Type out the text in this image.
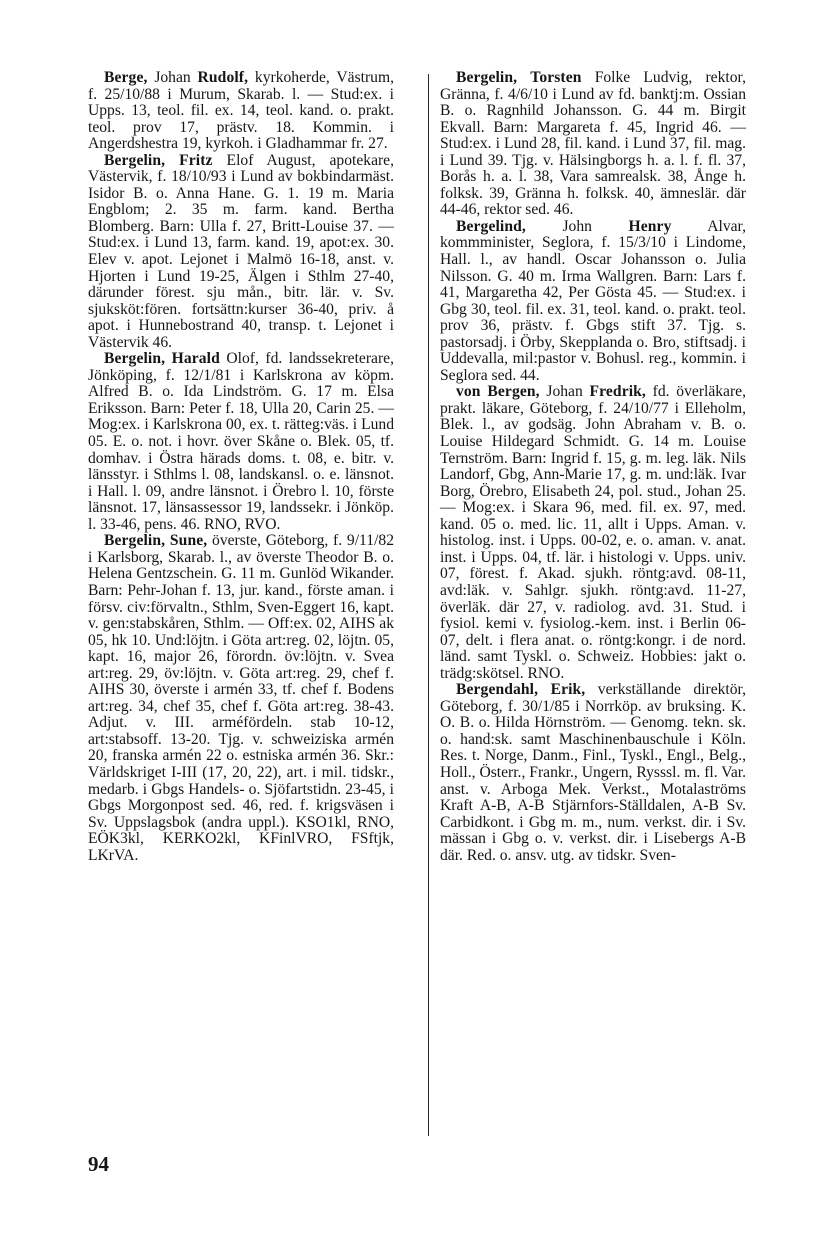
Berge, Johan Rudolf, kyrkoherde, Västrum, f. 25/10/88 i Murum, Skarab. l. — Stud:ex. i Upps. 13, teol. fil. ex. 14, teol. kand. o. prakt. teol. prov 17, prästv. 18. Kommin. i Angerdshestra 19, kyrkoh. i Gladhammar fr. 27.

Bergelin, Fritz Elof August, apotekare, Västervik, f. 18/10/93 i Lund av bokbindarmäst. Isidor B. o. Anna Hane. G. 1. 19 m. Maria Engblom; 2. 35 m. farm. kand. Bertha Blomberg. Barn: Ulla f. 27, Britt-Louise 37. — Stud:ex. i Lund 13, farm. kand. 19, apot:ex. 30. Elev v. apot. Lejonet i Malmö 16-18, anst. v. Hjorten i Lund 19-25, Älgen i Sthlm 27-40, därunder förest. sju mån., bitr. lär. v. Sv. sjuksköt:fören. fortsättn:kurser 36-40, priv. å apot. i Hunnebostrand 40, transp. t. Lejonet i Västervik 46.

Bergelin, Harald Olof, fd. landssekreterare, Jönköping, f. 12/1/81 i Karlskrona av köpm. Alfred B. o. Ida Lindström. G. 17 m. Elsa Eriksson. Barn: Peter f. 18, Ulla 20, Carin 25. — Mog:ex. i Karlskrona 00, ex. t. rätteg:väs. i Lund 05. E. o. not. i hovr. över Skåne o. Blek. 05, tf. domhav. i Östra härads doms. t. 08, e. bitr. v. länsstyr. i Sthlms l. 08, landskansl. o. e. länsnot. i Hall. l. 09, andre länsnot. i Örebro l. 10, förste länsnot. 17, länsassessor 19, landssekr. i Jönköp. l. 33-46, pens. 46. RNO, RVO.

Bergelin, Sune, överste, Göteborg, f. 9/11/82 i Karlsborg, Skarab. l., av överste Theodor B. o. Helena Gentzschein. G. 11 m. Gunlöd Wikander. Barn: Pehr-Johan f. 13, jur. kand., förste aman. i försv. civ:förvaltn., Sthlm, Sven-Eggert 16, kapt. v. gen:stabskåren, Sthlm. — Off:ex. 02, AIHS ak 05, hk 10. Und:löjtn. i Göta art:reg. 02, löjtn. 05, kapt. 16, major 26, förordn. öv:löjtn. v. Svea art:reg. 29, öv:löjtn. v. Göta art:reg. 29, chef f. AIHS 30, överste i armén 33, tf. chef f. Bodens art:reg. 34, chef 35, chef f. Göta art:reg. 38-43. Adjut. v. III. arméfördeln. stab 10-12, art:stabsoff. 13-20. Tjg. v. schweiziska armén 20, franska armén 22 o. estniska armén 36. Skr.: Världskriget I-III (17, 20, 22), art. i mil. tidskr., medarb. i Gbgs Handels- o. Sjöfartstidn. 23-45, i Gbgs Morgonpost sed. 46, red. f. krigsväsen i Sv. Uppslagsbok (andra uppl.). KSO1kl, RNO, EÖK3kl, KERKO2kl, KFinlVRO, FSftjk, LKrVA.

Bergelin, Torsten Folke Ludvig, rektor, Gränna, f. 4/6/10 i Lund av fd. banktj:m. Ossian B. o. Ragnhild Johansson. G. 44 m. Birgit Ekvall. Barn: Margareta f. 45, Ingrid 46. — Stud:ex. i Lund 28, fil. kand. i Lund 37, fil. mag. i Lund 39. Tjg. v. Hälsingborgs h. a. l. f. fl. 37, Borås h. a. l. 38, Vara samrealsk. 38, Ånge h. folksk. 39, Gränna h. folksk. 40, ämneslär. där 44-46, rektor sed. 46.

Bergelind, John Henry Alvar, kommminister, Seglora, f. 15/3/10 i Lindome, Hall. l., av handl. Oscar Johansson o. Julia Nilsson. G. 40 m. Irma Wallgren. Barn: Lars f. 41, Margaretha 42, Per Gösta 45. — Stud:ex. i Gbg 30, teol. fil. ex. 31, teol. kand. o. prakt. teol. prov 36, prästv. f. Gbgs stift 37. Tjg. s. pastorsadj. i Örby, Skepplanda o. Bro, stiftsadj. i Uddevalla, mil:pastor v. Bohusl. reg., kommin. i Seglora sed. 44.

von Bergen, Johan Fredrik, fd. överläkare, prakt. läkare, Göteborg, f. 24/10/77 i Elleholm, Blek. l., av godsäg. John Abraham v. B. o. Louise Hildegard Schmidt. G. 14 m. Louise Ternström. Barn: Ingrid f. 15, g. m. leg. läk. Nils Landorf, Gbg, Ann-Marie 17, g. m. und:läk. Ivar Borg, Örebro, Elisabeth 24, pol. stud., Johan 25. — Mog:ex. i Skara 96, med. fil. ex. 97, med. kand. 05 o. med. lic. 11, allt i Upps. Aman. v. histolog. inst. i Upps. 00-02, e. o. aman. v. anat. inst. i Upps. 04, tf. lär. i histologi v. Upps. univ. 07, förest. f. Akad. sjukh. röntg:avd. 08-11, avd:läk. v. Sahlgr. sjukh. röntg:avd. 11-27, överläk. där 27, v. radiolog. avd. 31. Stud. i fysiol. kemi v. fysiolog.-kem. inst. i Berlin 06-07, delt. i flera anat. o. röntg:kongr. i de nord. länd. samt Tyskl. o. Schweiz. Hobbies: jakt o. trädg:skötsel. RNO.

Bergendahl, Erik, verkställande direktör, Göteborg, f. 30/1/85 i Norrköp. av bruksing. K. O. B. o. Hilda Hörnström. — Genomg. tekn. sk. o. hand:sk. samt Maschinenbauschule i Köln. Res. t. Norge, Danm., Finl., Tyskl., Engl., Belg., Holl., Österr., Frankr., Ungern, Rysssl. m. fl. Var. anst. v. Arboga Mek. Verkst., Motalaströms Kraft A-B, A-B Stjärnfors-Ställdalen, A-B Sv. Carbidkont. i Gbg m. m., num. verkst. dir. i Sv. mässan i Gbg o. v. verkst. dir. i Lisebergs A-B där. Red. o. ansv. utg. av tidskr. Sven-

94
